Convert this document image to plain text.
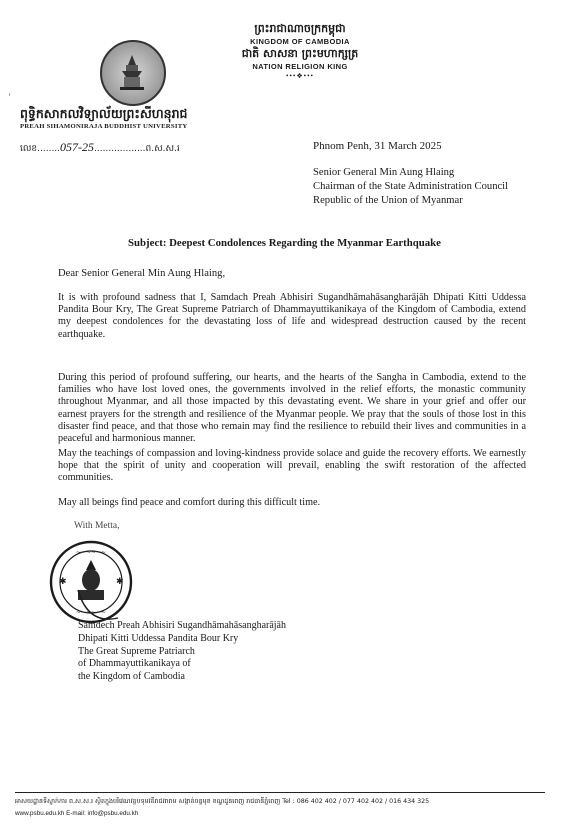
ព្រះរាជាណាចក្រកម្ពុជា
KINGDOM OF CAMBODIA
ជាតិ សាសនា ព្រះមហាក្សត្រ
NATION RELIGION KING
•••❖•••
ʼ
ពុទ្ធិកសាកលវិទ្យាល័យព្រះសីហនុរាជ
PREAH SIHAMONIRAJA BUDDHIST UNIVERSITY
លេខ........057-25..................ព.ស.ស.រ	Phnom Penh, 31 March 2025
Senior General Min Aung Hlaing
Chairman of the State Administration Council
Republic of the Union of Myanmar
Subject: Deepest Condolences Regarding the Myanmar Earthquake
Dear Senior General Min Aung Hlaing,
It is with profound sadness that I, Samdach Preah Abhisiri Sugandhāmahāsangharājāh Dhipati Kitti Uddessa Pandita Bour Kry, The Great Supreme Patriarch of Dhammayuttikanikaya of the Kingdom of Cambodia, extend my deepest condolences for the devastating loss of life and widespread destruction caused by the recent earthquake.
During this period of profound suffering, our hearts, and the hearts of the Sangha in Cambodia, extend to the families who have lost loved ones, the governments involved in the relief efforts, the monastic community throughout Myanmar, and all those impacted by this devastating event. We share in your grief and offer our earnest prayers for the strength and resilience of the Myanmar people. We pray that the souls of those lost in this disaster find peace, and that those who remain may find the resilience to rebuild their lives and communities in a peaceful and harmonious manner.
May the teachings of compassion and loving-kindness provide solace and guide the recovery efforts. We earnestly hope that the spirit of unity and cooperation will prevail, enabling the swift restoration of the affected communities.
May all beings find peace and comfort during this difficult time.
With Metta,
~~~~~~
✱	✱
~~~~~~
Samdech Preah Abhisiri Sugandhāmahāsangharājāh
Dhipati Kitti Uddessa Pandita Bour Kry
The Great Supreme Patriarch
of Dhammayuttikanikaya of
the Kingdom of Cambodia
អាសយដ្ឋានទីស្នាក់ការ ព.ស.ស.រ ស្ថិតក្នុងបរិវេណវត្តបទុមវតីរាជវរារាម សង្កាត់ចន្ទមុខ ខណ្ឌដូនពេញ រាជធានីភ្នំពេញ Tel : 086 402 402 / 077 402 402 / 016 434 325
www.psbu.edu.kh E-mail: info@psbu.edu.kh
